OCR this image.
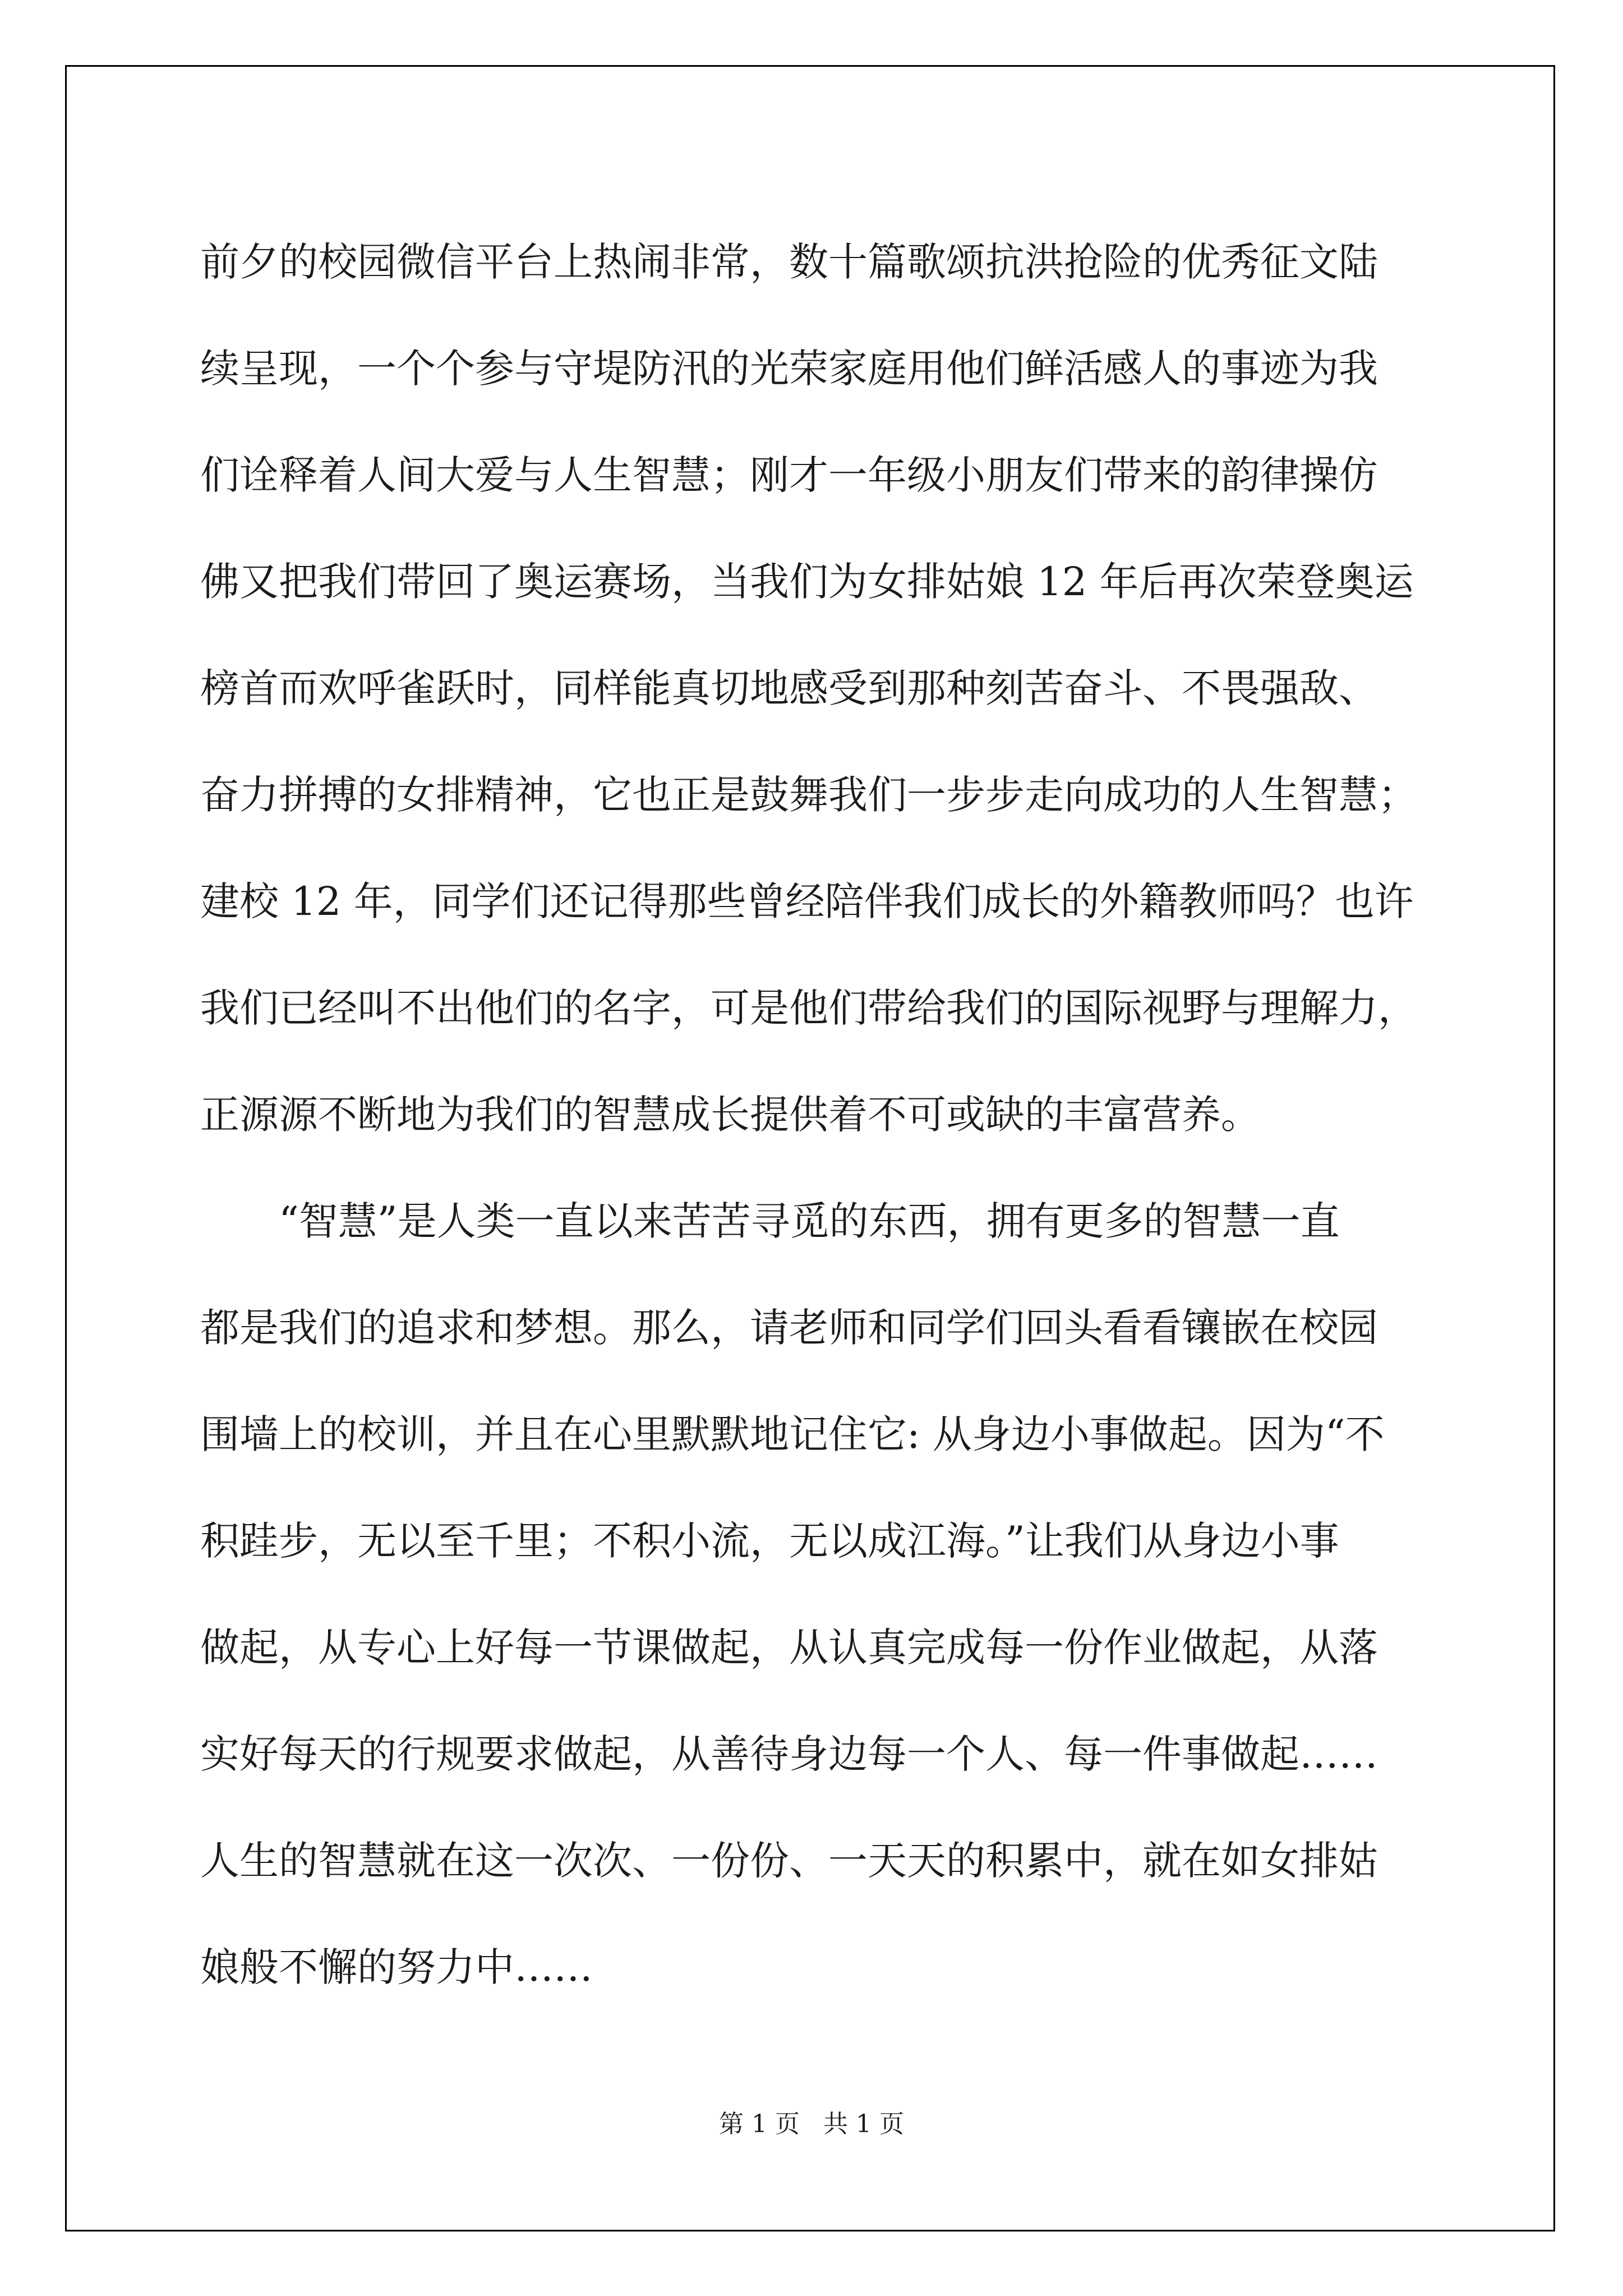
前夕的校园微信平台上热闹非常，数十篇歌颂抗洪抢险的优秀征文陆
续呈现，一个个参与守堤防汛的光荣家庭用他们鲜活感人的事迹为我
们诠释着人间大爱与人生智慧；刚才一年级小朋友们带来的韵律操仿
佛又把我们带回了奥运赛场，当我们为女排姑娘 12 年后再次荣登奥运
榜首而欢呼雀跃时，同样能真切地感受到那种刻苦奋斗、不畏强敌、
奋力拼搏的女排精神，它也正是鼓舞我们一步步走向成功的人生智慧；
建校 12 年，同学们还记得那些曾经陪伴我们成长的外籍教师吗？也许
我们已经叫不出他们的名字，可是他们带给我们的国际视野与理解力，
正源源不断地为我们的智慧成长提供着不可或缺的丰富营养。
　　“智慧”是人类一直以来苦苦寻觅的东西，拥有更多的智慧一直
都是我们的追求和梦想。那么，请老师和同学们回头看看镶嵌在校园
围墙上的校训，并且在心里默默地记住它: 从身边小事做起。因为“不
积跬步，无以至千里；不积小流，无以成江海。”让我们从身边小事
做起，从专心上好每一节课做起，从认真完成每一份作业做起，从落
实好每天的行规要求做起，从善待身边每一个人、每一件事做起……
人生的智慧就在这一次次、一份份、一天天的积累中，就在如女排姑
娘般不懈的努力中……
第 1 页 共 1 页
